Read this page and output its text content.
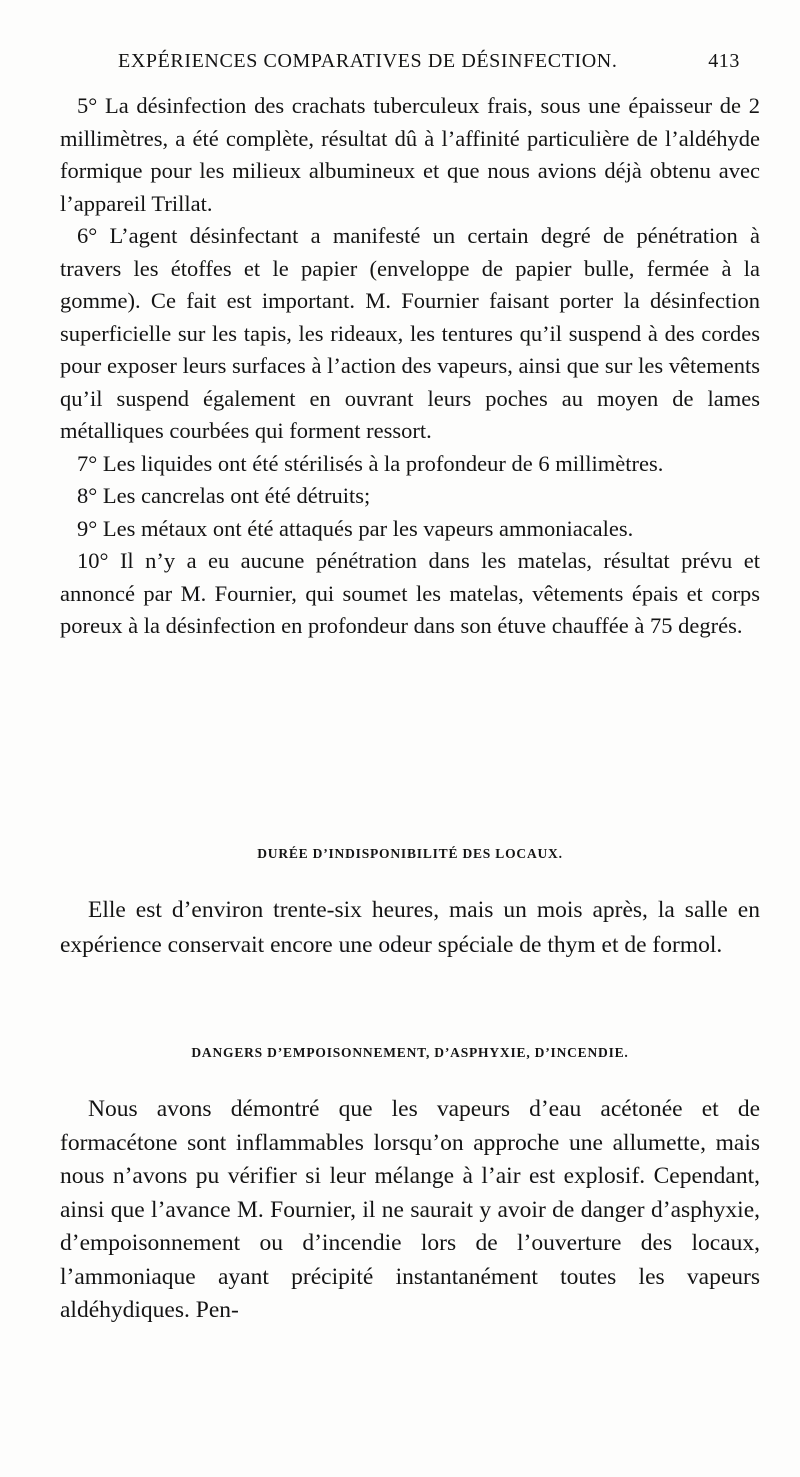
EXPÉRIENCES COMPARATIVES DE DÉSINFECTION.	413

5° La désinfection des crachats tuberculeux frais, sous une épaisseur de 2 millimètres, a été complète, résultat dû à l’affinité particulière de l’aldéhyde formique pour les milieux albumineux et que nous avions déjà obtenu avec l’appareil Trillat.

6° L’agent désinfectant a manifesté un certain degré de pénétration à travers les étoffes et le papier (enveloppe de papier bulle, fermée à la gomme). Ce fait est important. M. Fournier faisant porter la désinfection superficielle sur les tapis, les rideaux, les tentures qu’il suspend à des cordes pour exposer leurs surfaces à l’action des vapeurs, ainsi que sur les vêtements qu’il suspend également en ouvrant leurs poches au moyen de lames métalliques courbées qui forment ressort.

7° Les liquides ont été stérilisés à la profondeur de 6 millimètres.

8° Les cancrelas ont été détruits;

9° Les métaux ont été attaqués par les vapeurs ammoniacales.

10° Il n’y a eu aucune pénétration dans les matelas, résultat prévu et annoncé par M. Fournier, qui soumet les matelas, vêtements épais et corps poreux à la désinfection en profondeur dans son étuve chauffée à 75 degrés.

DURÉE D’INDISPONIBILITÉ DES LOCAUX.

Elle est d’environ trente-six heures, mais un mois après, la salle en expérience conservait encore une odeur spéciale de thym et de formol.

DANGERS D’EMPOISONNEMENT, D’ASPHYXIE, D’INCENDIE.

Nous avons démontré que les vapeurs d’eau acétonée et de formacétone sont inflammables lorsqu’on approche une allumette, mais nous n’avons pu vérifier si leur mélange à l’air est explosif. Cependant, ainsi que l’avance M. Fournier, il ne saurait y avoir de danger d’asphyxie, d’empoisonnement ou d’incendie lors de l’ouverture des locaux, l’ammoniaque ayant précipité instantanément toutes les vapeurs aldéhydiques. Pen-
